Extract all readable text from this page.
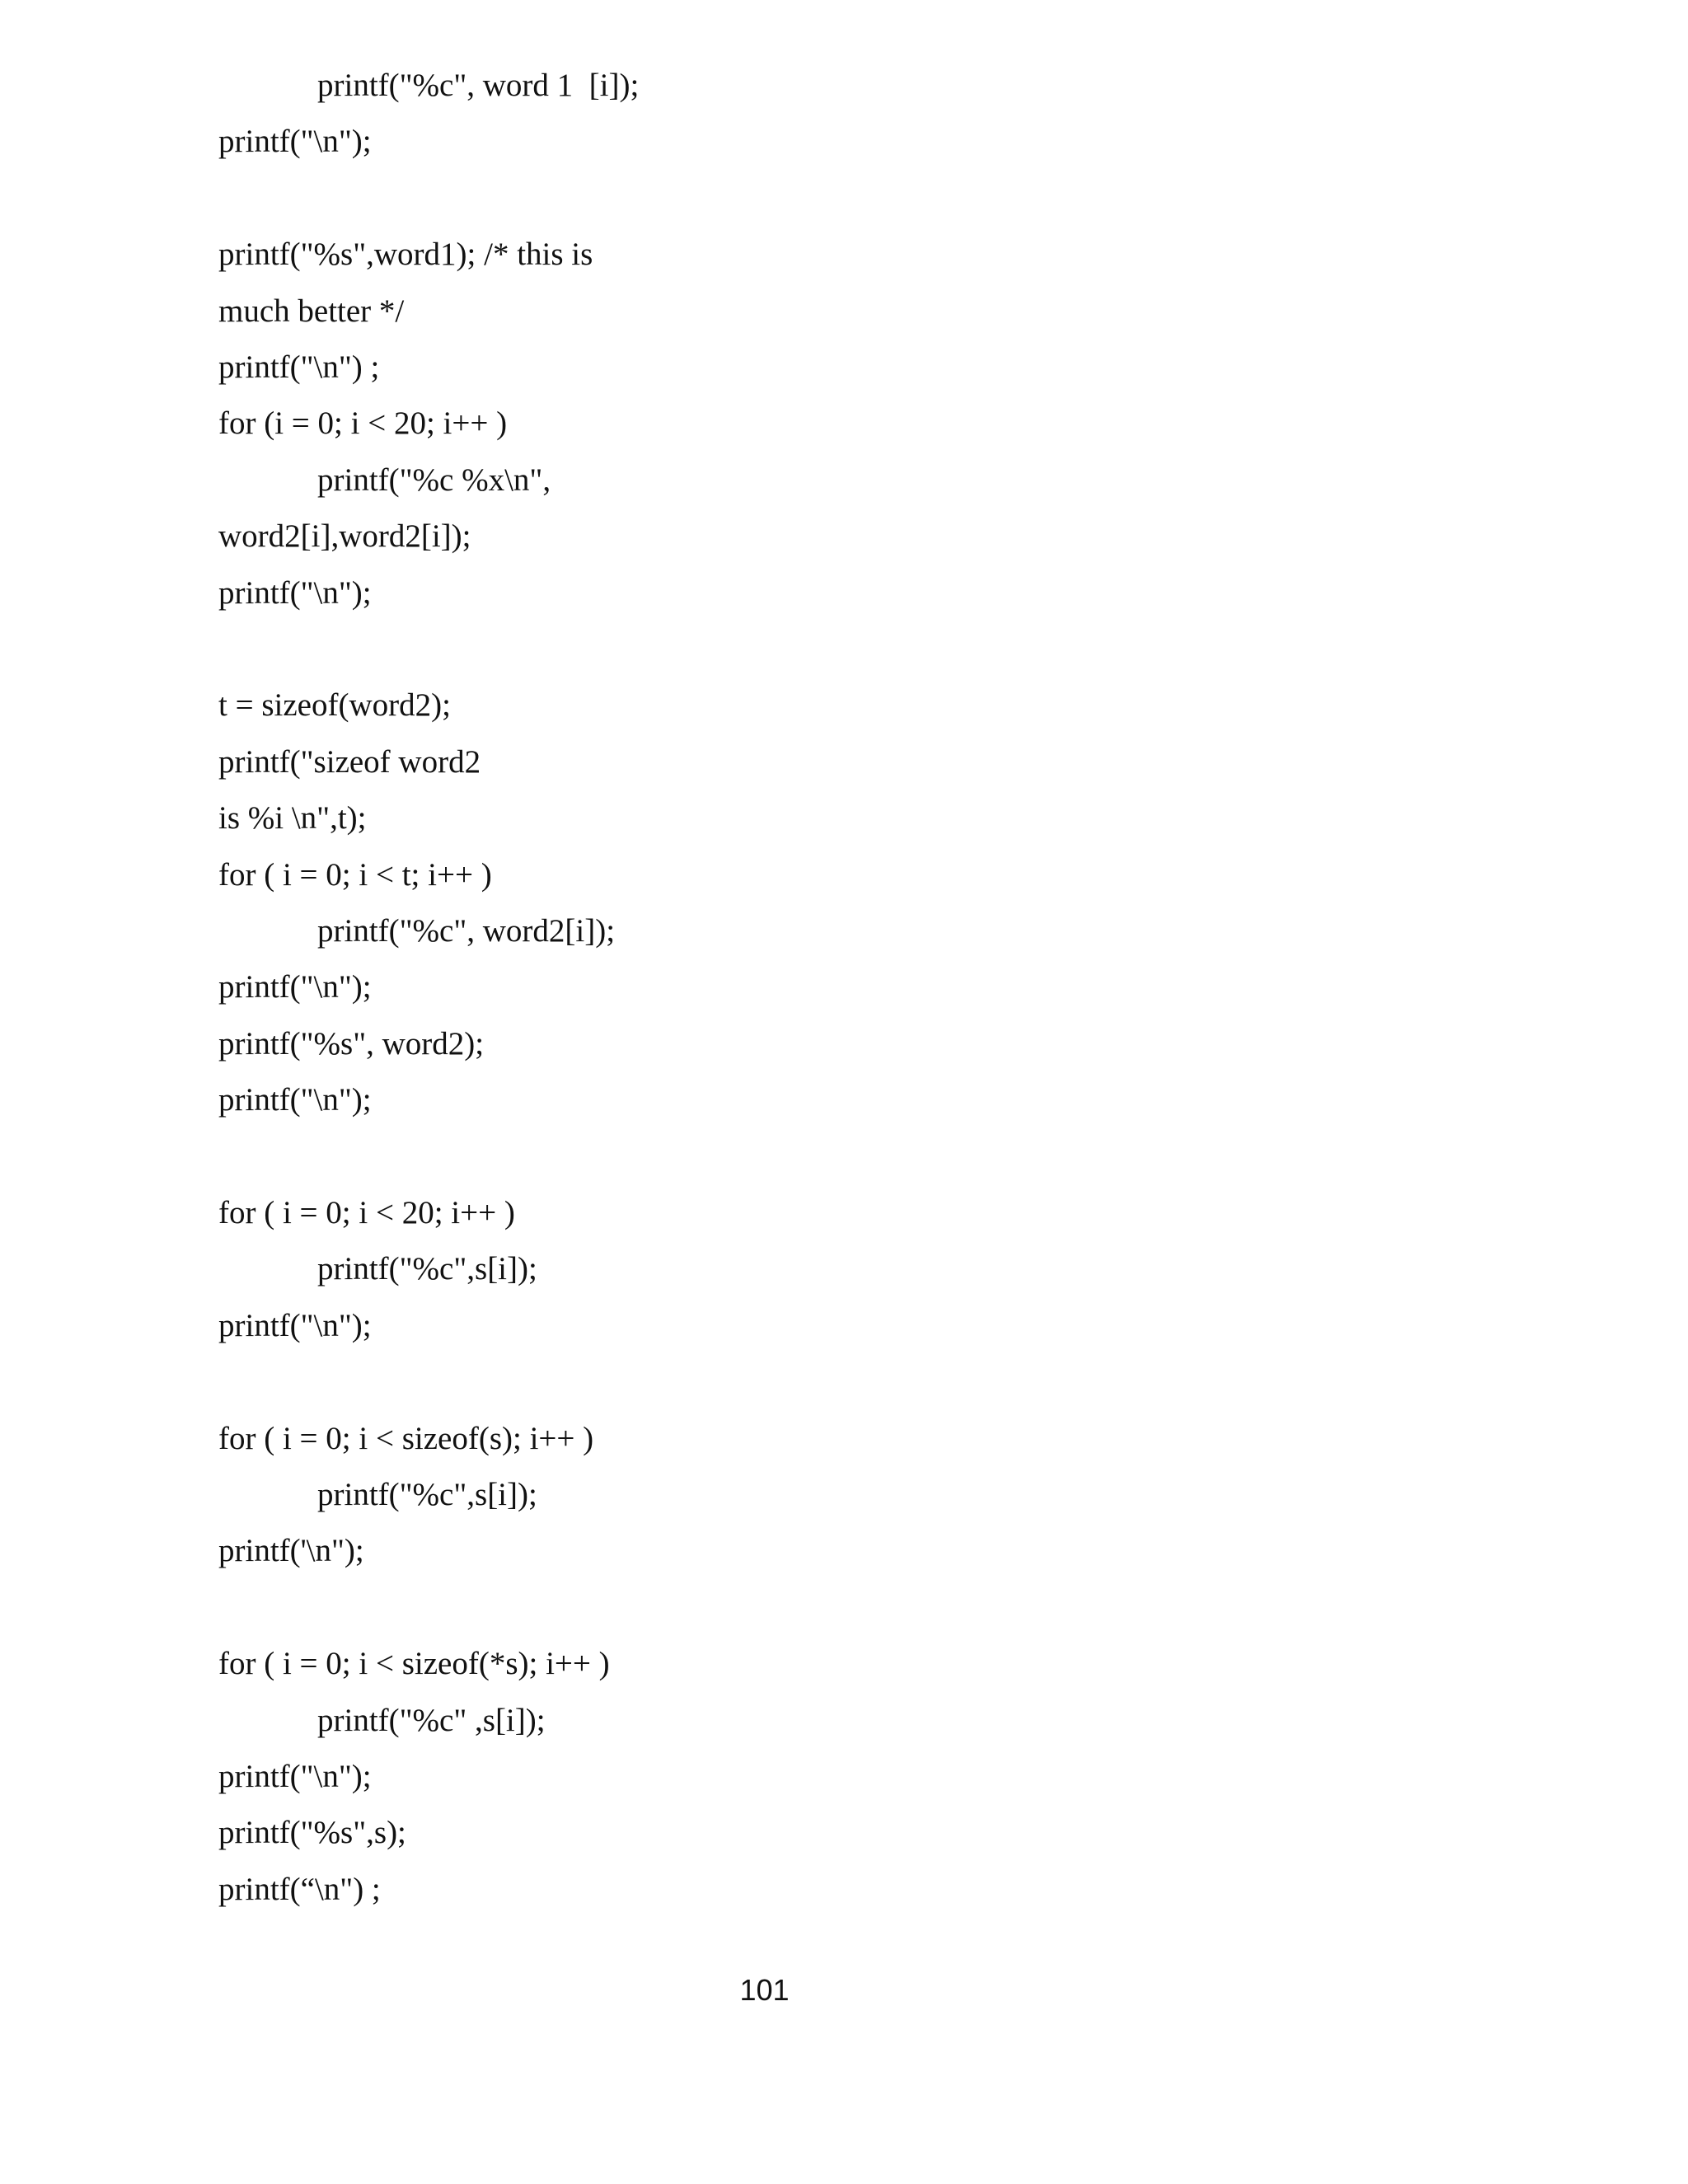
printf("%c", word 1  [i]);
printf("\n");
printf("%s",word1); /* this is
much better */
printf("\n") ;
for (i = 0; i < 20; i++ )
printf("%c %x\n",
word2[i],word2[i]);
printf("\n");
t = sizeof(word2);
printf("sizeof word2
is %i \n",t);
for ( i = 0; i < t; i++ )
printf("%c", word2[i]);
printf("\n");
printf("%s", word2);
printf("\n");
for ( i = 0; i < 20; i++ )
printf("%c",s[i]);
printf("\n");
for ( i = 0; i < sizeof(s); i++ )
printf("%c",s[i]);
printf('\n");
for ( i = 0; i < sizeof(*s); i++ )
printf("%c" ,s[i]);
printf("\n");
printf("%s",s);
printf(“\n") ;
101
